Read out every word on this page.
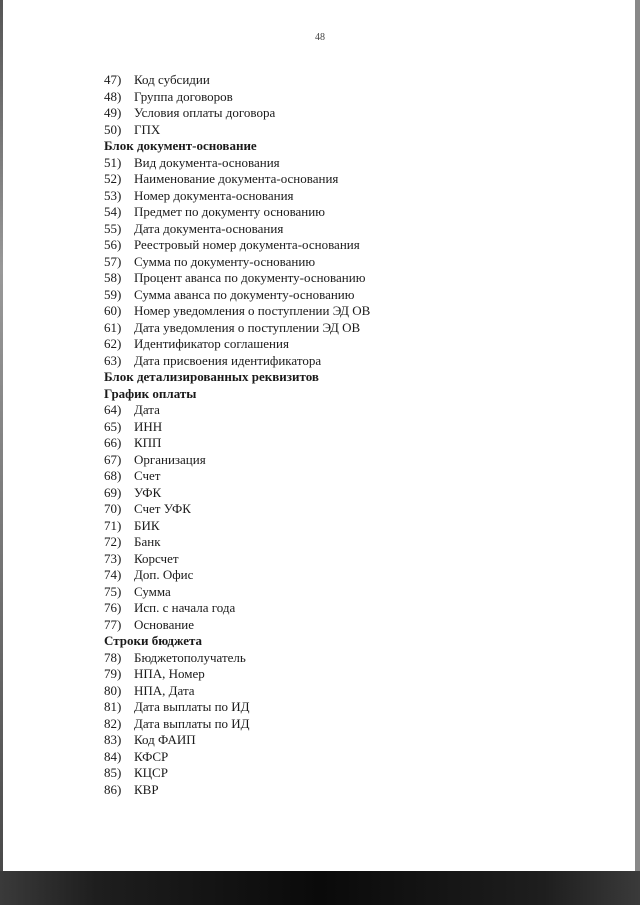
48
47) Код субсидии
48) Группа договоров
49) Условия оплаты договора
50) ГПХ
Блок документ-основание
51) Вид документа-основания
52) Наименование документа-основания
53) Номер документа-основания
54) Предмет по документу основанию
55) Дата документа-основания
56) Реестровый номер документа-основания
57) Сумма по документу-основанию
58) Процент аванса по документу-основанию
59) Сумма аванса по документу-основанию
60) Номер уведомления о поступлении ЭД ОВ
61) Дата уведомления о поступлении ЭД ОВ
62) Идентификатор соглашения
63) Дата присвоения идентификатора
Блок детализированных реквизитов
График оплаты
64) Дата
65) ИНН
66) КПП
67) Организация
68) Счет
69) УФК
70) Счет УФК
71) БИК
72) Банк
73) Корсчет
74) Доп. Офис
75) Сумма
76) Исп. с начала года
77) Основание
Строки бюджета
78) Бюджетополучатель
79) НПА, Номер
80) НПА, Дата
81) Дата выплаты по ИД
82) Дата выплаты по ИД
83) Код ФАИП
84) КФСР
85) КЦСР
86) КВР
